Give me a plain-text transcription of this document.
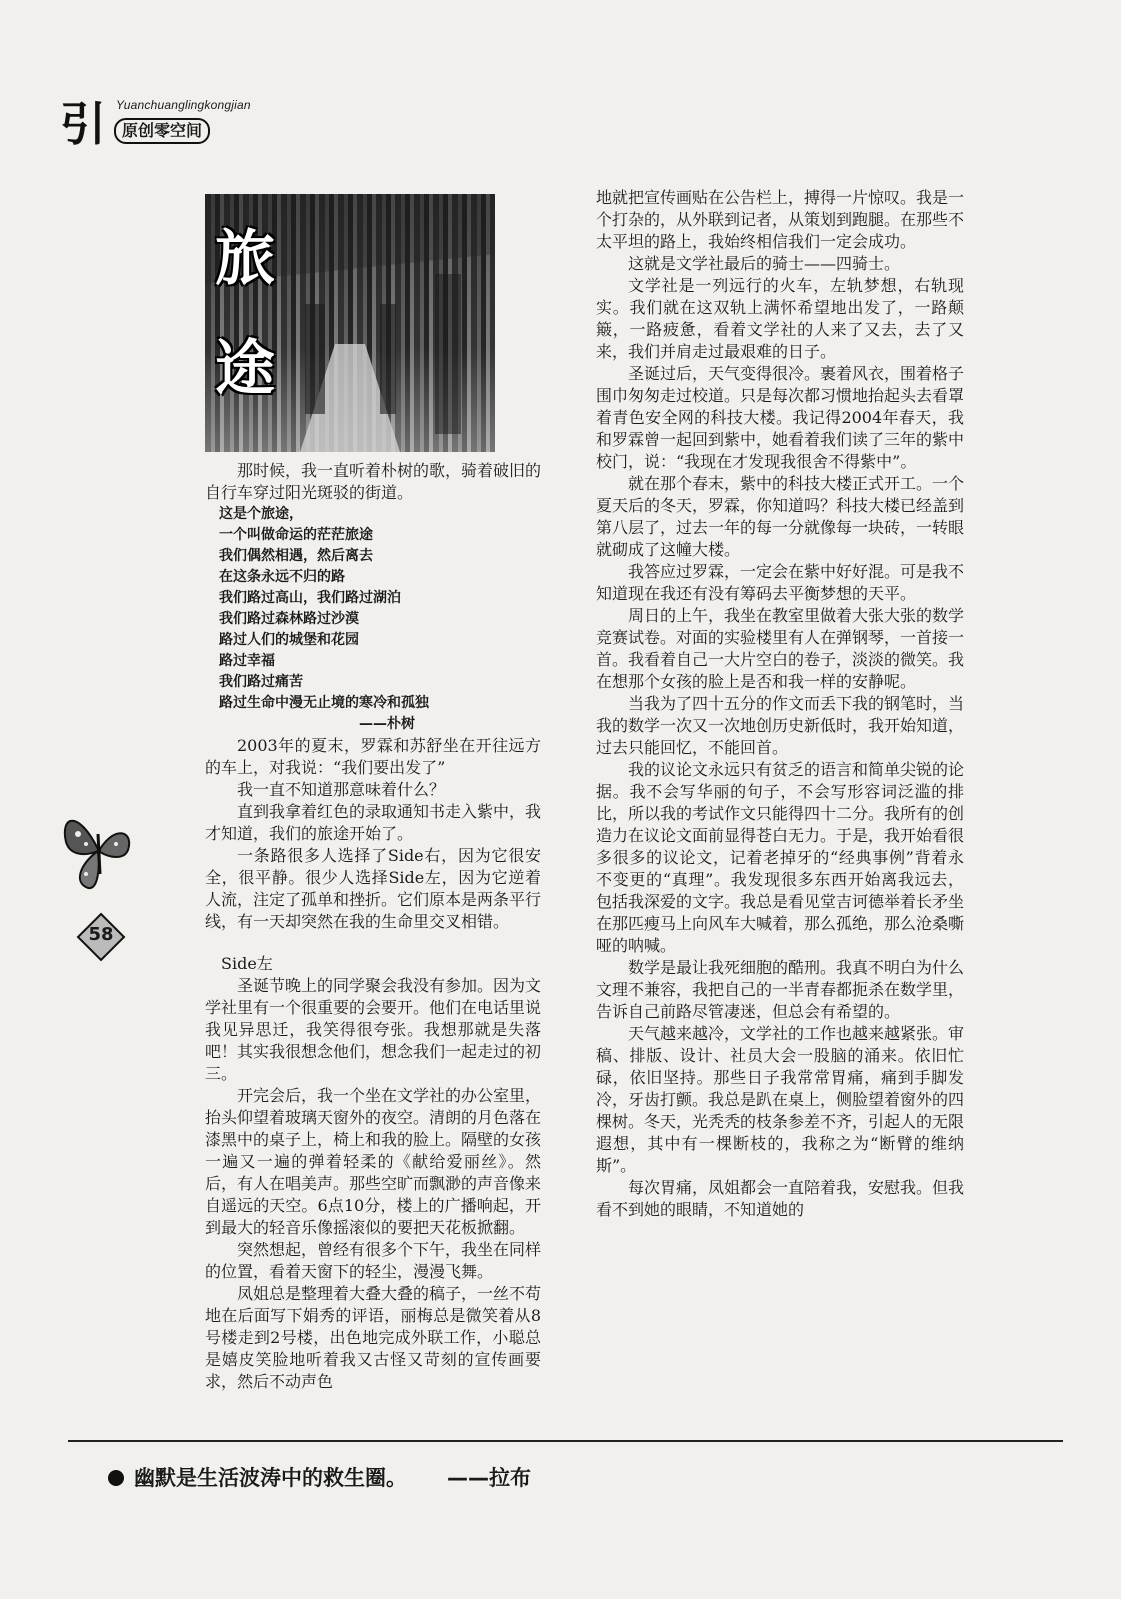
引 Yuanchuanglingkongjian
原创零空间
旅
途

那时候，我一直听着朴树的歌，骑着破旧的自行车穿过阳光斑驳的街道。

这是个旅途，
一个叫做命运的茫茫旅途
我们偶然相遇，然后离去
在这条永远不归的路
我们路过高山，我们路过湖泊
我们路过森林路过沙漠
路过人们的城堡和花园
路过幸福
我们路过痛苦
路过生命中漫无止境的寒冷和孤独
——朴树

2003年的夏末，罗霖和苏舒坐在开往远方的车上，对我说：“我们要出发了”

我一直不知道那意味着什么？

直到我拿着红色的录取通知书走入紫中，我才知道，我们的旅途开始了。

一条路很多人选择了Side右，因为它很安全，很平静。很少人选择Side左，因为它逆着人流，注定了孤单和挫折。它们原本是两条平行线，有一天却突然在我的生命里交叉相错。

Side左

圣诞节晚上的同学聚会我没有参加。因为文学社里有一个很重要的会要开。他们在电话里说我见异思迁，我笑得很夸张。我想那就是失落吧！其实我很想念他们，想念我们一起走过的初三。

开完会后，我一个坐在文学社的办公室里，抬头仰望着玻璃天窗外的夜空。清朗的月色落在漆黑中的桌子上，椅上和我的脸上。隔壁的女孩一遍又一遍的弹着轻柔的《献给爱丽丝》。然后，有人在唱美声。那些空旷而飘渺的声音像来自遥远的天空。6点10分，楼上的广播响起，开到最大的轻音乐像摇滚似的要把天花板掀翻。

突然想起，曾经有很多个下午，我坐在同样的位置，看着天窗下的轻尘，漫漫飞舞。

凤姐总是整理着大叠大叠的稿子，一丝不苟地在后面写下娟秀的评语，丽梅总是微笑着从8号楼走到2号楼，出色地完成外联工作，小聪总是嬉皮笑脸地听着我又古怪又苛刻的宣传画要求，然后不动声色

地就把宣传画贴在公告栏上，搏得一片惊叹。我是一个打杂的，从外联到记者，从策划到跑腿。在那些不太平坦的路上，我始终相信我们一定会成功。

这就是文学社最后的骑士——四骑士。

文学社是一列远行的火车，左轨梦想，右轨现实。我们就在这双轨上满怀希望地出发了，一路颠簸，一路疲惫，看着文学社的人来了又去，去了又来，我们并肩走过最艰难的日子。

圣诞过后，天气变得很冷。裹着风衣，围着格子围巾匆匆走过校道。只是每次都习惯地抬起头去看罩着青色安全网的科技大楼。我记得2004年春天，我和罗霖曾一起回到紫中，她看着我们读了三年的紫中校门，说：“我现在才发现我很舍不得紫中”。

就在那个春末，紫中的科技大楼正式开工。一个夏天后的冬天，罗霖，你知道吗？科技大楼已经盖到第八层了，过去一年的每一分就像每一块砖，一转眼就砌成了这幢大楼。

我答应过罗霖，一定会在紫中好好混。可是我不知道现在我还有没有筹码去平衡梦想的天平。

周日的上午，我坐在教室里做着大张大张的数学竞赛试卷。对面的实验楼里有人在弹钢琴，一首接一首。我看着自己一大片空白的卷子，淡淡的微笑。我在想那个女孩的脸上是否和我一样的安静呢。

当我为了四十五分的作文而丢下我的钢笔时，当我的数学一次又一次地创历史新低时，我开始知道，过去只能回忆，不能回首。

我的议论文永远只有贫乏的语言和简单尖锐的论据。我不会写华丽的句子，不会写形容词泛滥的排比，所以我的考试作文只能得四十二分。我所有的创造力在议论文面前显得苍白无力。于是，我开始看很多很多的议论文，记着老掉牙的“经典事例”背着永不变更的“真理”。我发现很多东西开始离我远去，包括我深爱的文字。我总是看见堂吉诃德举着长矛坐在那匹瘦马上向风车大喊着，那么孤绝，那么沧桑嘶哑的呐喊。

数学是最让我死细胞的酷刑。我真不明白为什么文理不兼容，我把自己的一半青春都扼杀在数学里，告诉自己前路尽管凄迷，但总会有希望的。

天气越来越冷，文学社的工作也越来越紧张。审稿、排版、设计、社员大会一股脑的涌来。依旧忙碌，依旧坚持。那些日子我常常胃痛，痛到手脚发冷，牙齿打颤。我总是趴在桌上，侧脸望着窗外的四棵树。冬天，光秃秃的枝条参差不齐，引起人的无限遐想，其中有一棵断枝的，我称之为“断臂的维纳斯”。

每次胃痛，凤姐都会一直陪着我，安慰我。但我看不到她的眼睛，不知道她的

58
幽默是生活波涛中的救生圈。 ——拉布
